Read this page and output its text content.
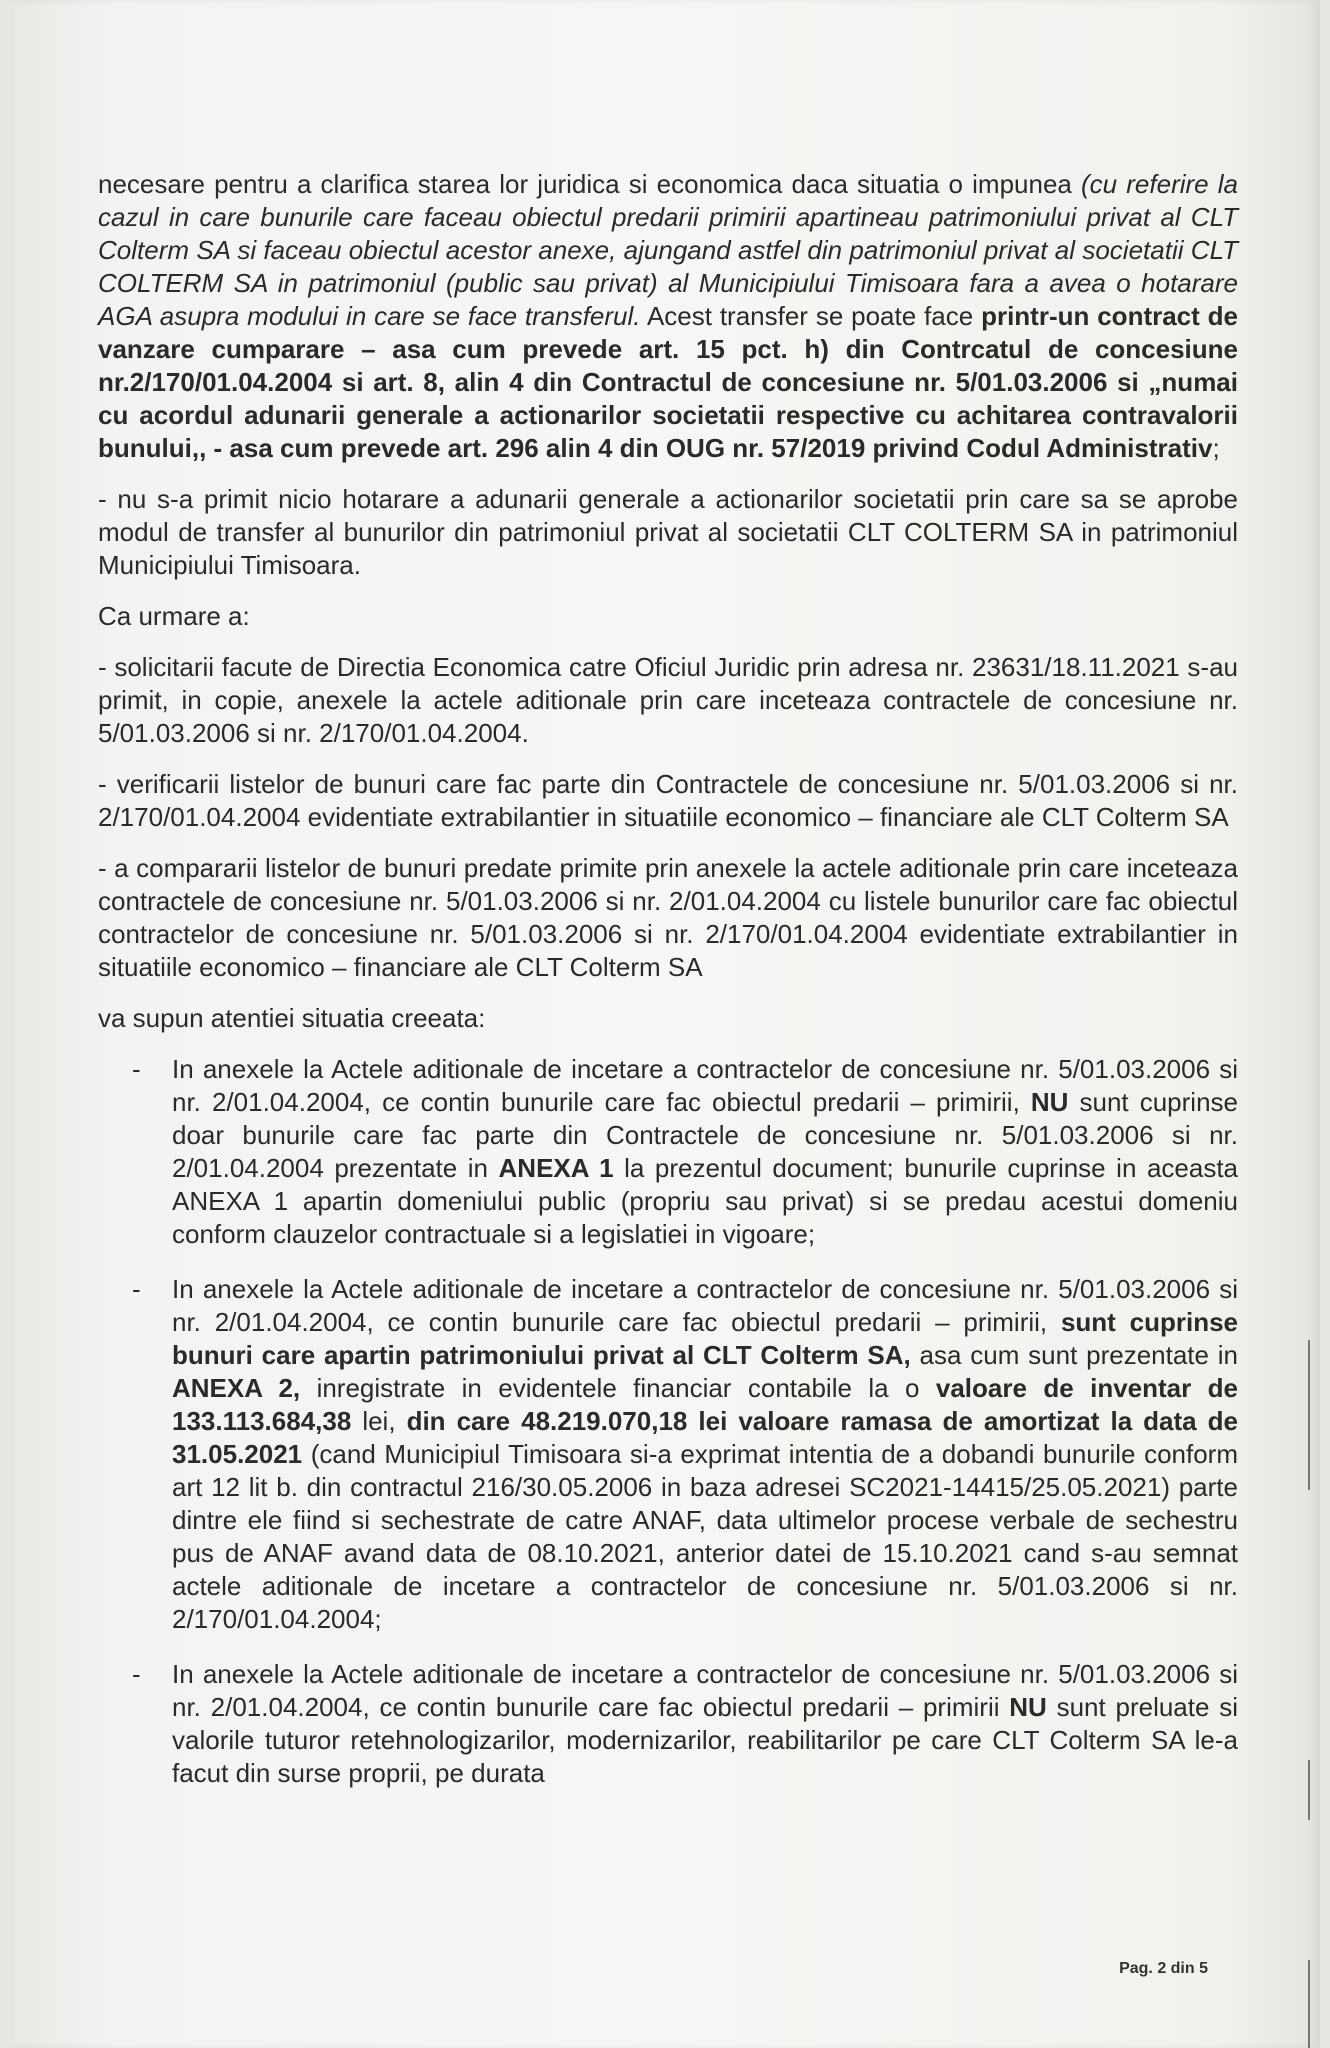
necesare pentru a clarifica starea lor juridica si economica daca situatia o impunea (cu referire la cazul in care bunurile care faceau obiectul predarii primirii apartineau patrimoniului privat al CLT Colterm SA si faceau obiectul acestor anexe, ajungand astfel din patrimoniul privat al societatii CLT COLTERM SA in patrimoniul (public sau privat) al Municipiului Timisoara fara a avea o hotarare AGA asupra modului in care se face transferul. Acest transfer se poate face printr-un contract de vanzare cumparare – asa cum prevede art. 15 pct. h) din Contrcatul de concesiune nr.2/170/01.04.2004 si art. 8, alin 4 din Contractul de concesiune nr. 5/01.03.2006 si „numai cu acordul adunarii generale a actionarilor societatii respective cu achitarea contravalorii bunului,, - asa cum prevede art. 296 alin 4 din OUG nr. 57/2019 privind Codul Administrativ;

- nu s-a primit nicio hotarare a adunarii generale a actionarilor societatii prin care sa se aprobe modul de transfer al bunurilor din patrimoniul privat al societatii CLT COLTERM SA in patrimoniul Municipiului Timisoara.

Ca urmare a:

- solicitarii facute de Directia Economica catre Oficiul Juridic prin adresa nr. 23631/18.11.2021 s-au primit, in copie, anexele la actele aditionale prin care inceteaza contractele de concesiune nr. 5/01.03.2006 si nr. 2/170/01.04.2004.

- verificarii listelor de bunuri care fac parte din Contractele de concesiune nr. 5/01.03.2006 si nr. 2/170/01.04.2004 evidentiate extrabilantier in situatiile economico – financiare ale CLT Colterm SA

- a compararii listelor de bunuri predate primite prin anexele la actele aditionale prin care inceteaza contractele de concesiune nr. 5/01.03.2006 si nr. 2/01.04.2004 cu listele bunurilor care fac obiectul contractelor de concesiune nr. 5/01.03.2006 si nr. 2/170/01.04.2004 evidentiate extrabilantier in situatiile economico – financiare ale CLT Colterm SA

va supun atentiei situatia creeata:

- In anexele la Actele aditionale de incetare a contractelor de concesiune nr. 5/01.03.2006 si nr. 2/01.04.2004, ce contin bunurile care fac obiectul predarii – primirii, NU sunt cuprinse doar bunurile care fac parte din Contractele de concesiune nr. 5/01.03.2006 si nr. 2/01.04.2004 prezentate in ANEXA 1 la prezentul document; bunurile cuprinse in aceasta ANEXA 1 apartin domeniului public (propriu sau privat) si se predau acestui domeniu conform clauzelor contractuale si a legislatiei in vigoare;
- In anexele la Actele aditionale de incetare a contractelor de concesiune nr. 5/01.03.2006 si nr. 2/01.04.2004, ce contin bunurile care fac obiectul predarii – primirii, sunt cuprinse bunuri care apartin patrimoniului privat al CLT Colterm SA, asa cum sunt prezentate in ANEXA 2, inregistrate in evidentele financiar contabile la o valoare de inventar de 133.113.684,38 lei, din care 48.219.070,18 lei valoare ramasa de amortizat la data de 31.05.2021 (cand Municipiul Timisoara si-a exprimat intentia de a dobandi bunurile conform art 12 lit b. din contractul 216/30.05.2006 in baza adresei SC2021-14415/25.05.2021) parte dintre ele fiind si sechestrate de catre ANAF, data ultimelor procese verbale de sechestru pus de ANAF avand data de 08.10.2021, anterior datei de 15.10.2021 cand s-au semnat actele aditionale de incetare a contractelor de concesiune nr. 5/01.03.2006 si nr. 2/170/01.04.2004;
- In anexele la Actele aditionale de incetare a contractelor de concesiune nr. 5/01.03.2006 si nr. 2/01.04.2004, ce contin bunurile care fac obiectul predarii – primirii NU sunt preluate si valorile tuturor retehnologizarilor, modernizarilor, reabilitarilor pe care CLT Colterm SA le-a facut din surse proprii, pe durata
Pag. 2 din 5
